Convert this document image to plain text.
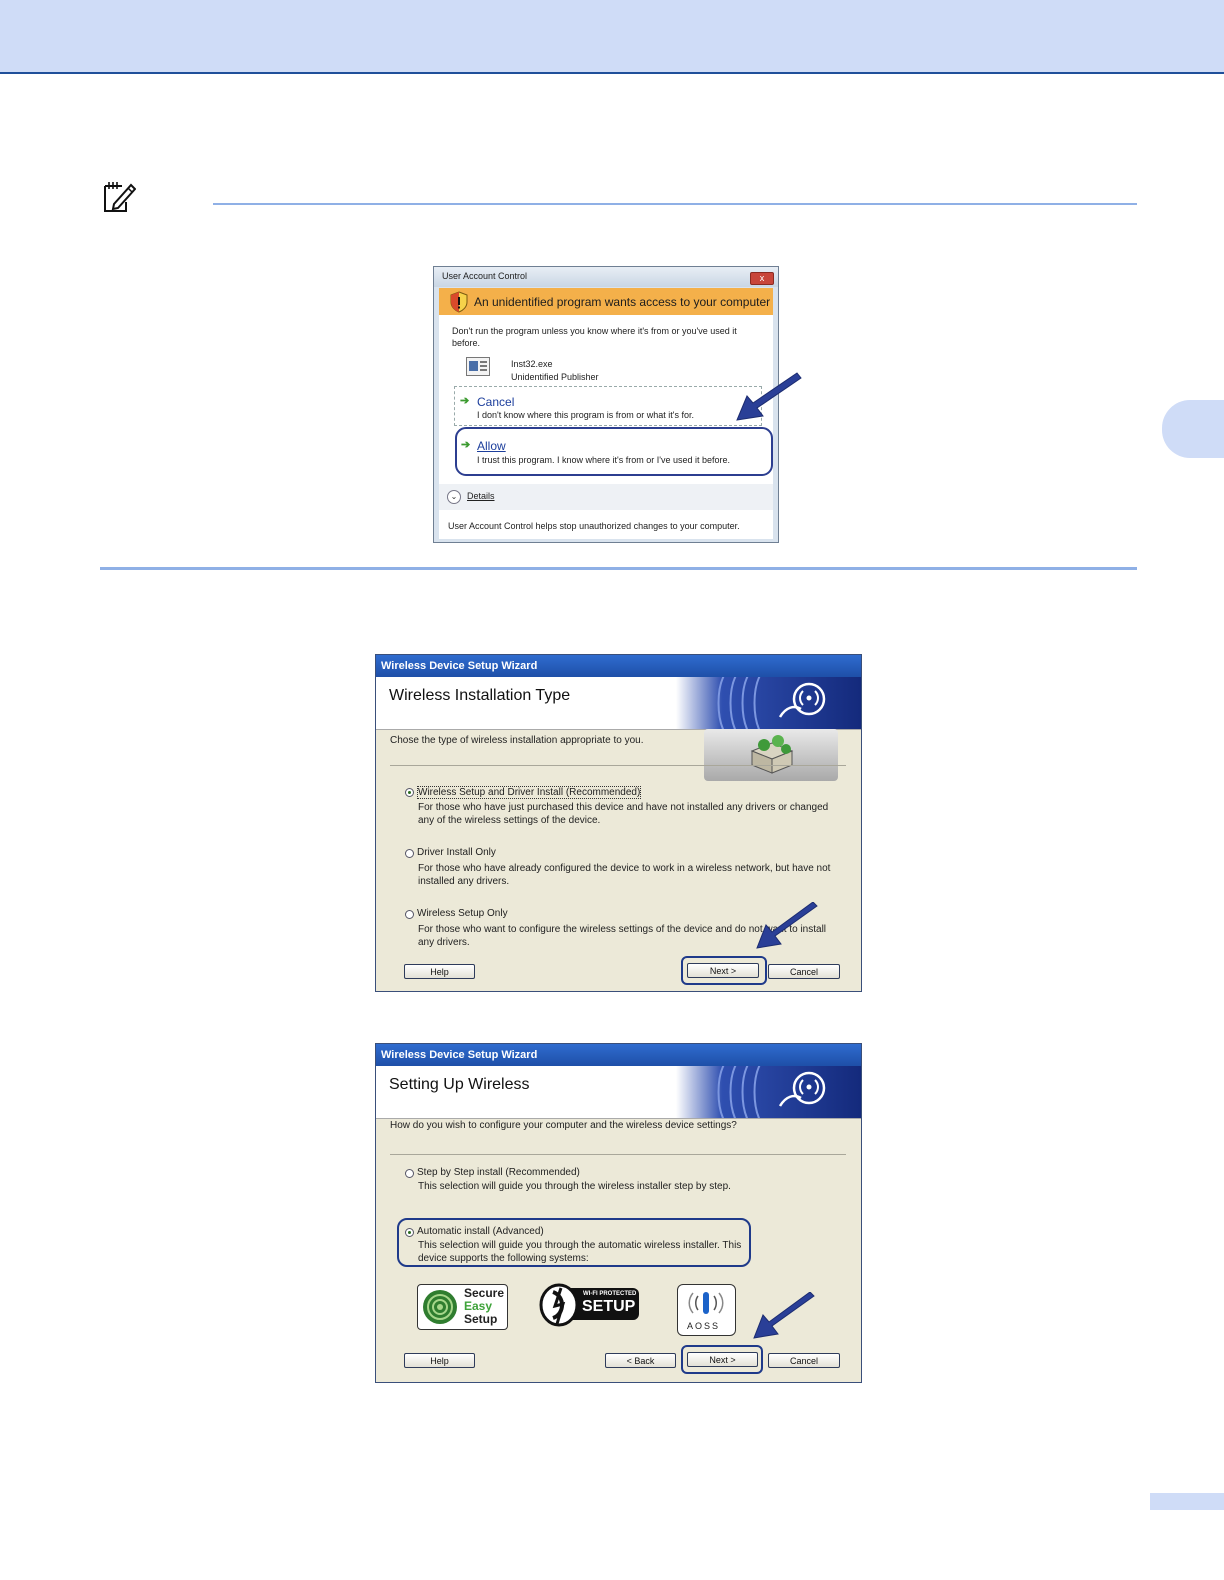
User Account Control	x
An unidentified program wants access to your computer
Don't run the program unless you know where it's from or you've used it before.
Inst32.exe
Unidentified Publisher
➔ Cancel
I don't know where this program is from or what it's for.
➔ Allow
I trust this program. I know where it's from or I've used it before.
⌄	Details
User Account Control helps stop unauthorized changes to your computer.
Wireless Device Setup Wizard
Wireless Installation Type
Chose the type of wireless installation appropriate to you.
Wireless Setup and Driver Install (Recommended)
For those who have just purchased this device and have not installed any drivers or changed any of the wireless settings of the device.
Driver Install Only
For those who have already configured the device to work in a wireless network, but have not installed any drivers.
Wireless Setup Only
For those who want to configure the wireless settings of the device and do not want to install any drivers.
Help	Next >	Cancel
Wireless Device Setup Wizard
Setting Up Wireless
How do you wish to configure your computer and the wireless device settings?
Step by Step install (Recommended)
This selection will guide you through the wireless installer step by step.
Automatic install (Advanced)
This selection will guide you through the automatic wireless installer. This device supports the following systems:
Secure
Easy
Setup
WI-FI PROTECTED
SETUP
AOSS
Help	< Back	Next >	Cancel
